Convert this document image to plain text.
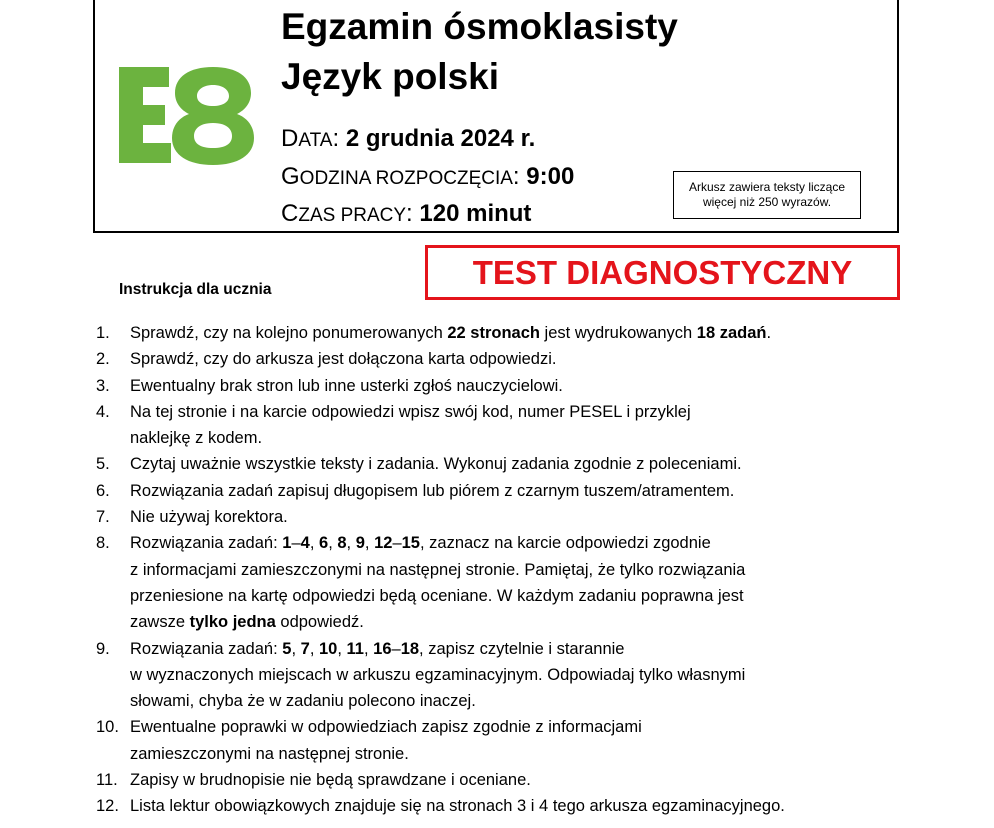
Egzamin ósmoklasisty
Język polski
DATA: 2 grudnia 2024 r.
GODZINA ROZPOCZĘCIA: 9:00
CZAS PRACY: 120 minut
Arkusz zawiera teksty liczące
więcej niż 250 wyrazów.
TEST DIAGNOSTYCZNY
Instrukcja dla ucznia
1. Sprawdź, czy na kolejno ponumerowanych 22 stronach jest wydrukowanych 18 zadań.
2. Sprawdź, czy do arkusza jest dołączona karta odpowiedzi.
3. Ewentualny brak stron lub inne usterki zgłoś nauczycielowi.
4. Na tej stronie i na karcie odpowiedzi wpisz swój kod, numer PESEL i przyklej
naklejkę z kodem.
5. Czytaj uważnie wszystkie teksty i zadania. Wykonuj zadania zgodnie z poleceniami.
6. Rozwiązania zadań zapisuj długopisem lub piórem z czarnym tuszem/atramentem.
7. Nie używaj korektora.
8. Rozwiązania zadań: 1–4, 6, 8, 9, 12–15, zaznacz na karcie odpowiedzi zgodnie
z informacjami zamieszczonymi na następnej stronie. Pamiętaj, że tylko rozwiązania
przeniesione na kartę odpowiedzi będą oceniane. W każdym zadaniu poprawna jest
zawsze tylko jedna odpowiedź.
9. Rozwiązania zadań: 5, 7, 10, 11, 16–18, zapisz czytelnie i starannie
w wyznaczonych miejscach w arkuszu egzaminacyjnym. Odpowiadaj tylko własnymi
słowami, chyba że w zadaniu polecono inaczej.
10. Ewentualne poprawki w odpowiedziach zapisz zgodnie z informacjami
zamieszczonymi na następnej stronie.
11. Zapisy w brudnopisie nie będą sprawdzane i oceniane.
12. Lista lektur obowiązkowych znajduje się na stronach 3 i 4 tego arkusza egzaminacyjnego.
